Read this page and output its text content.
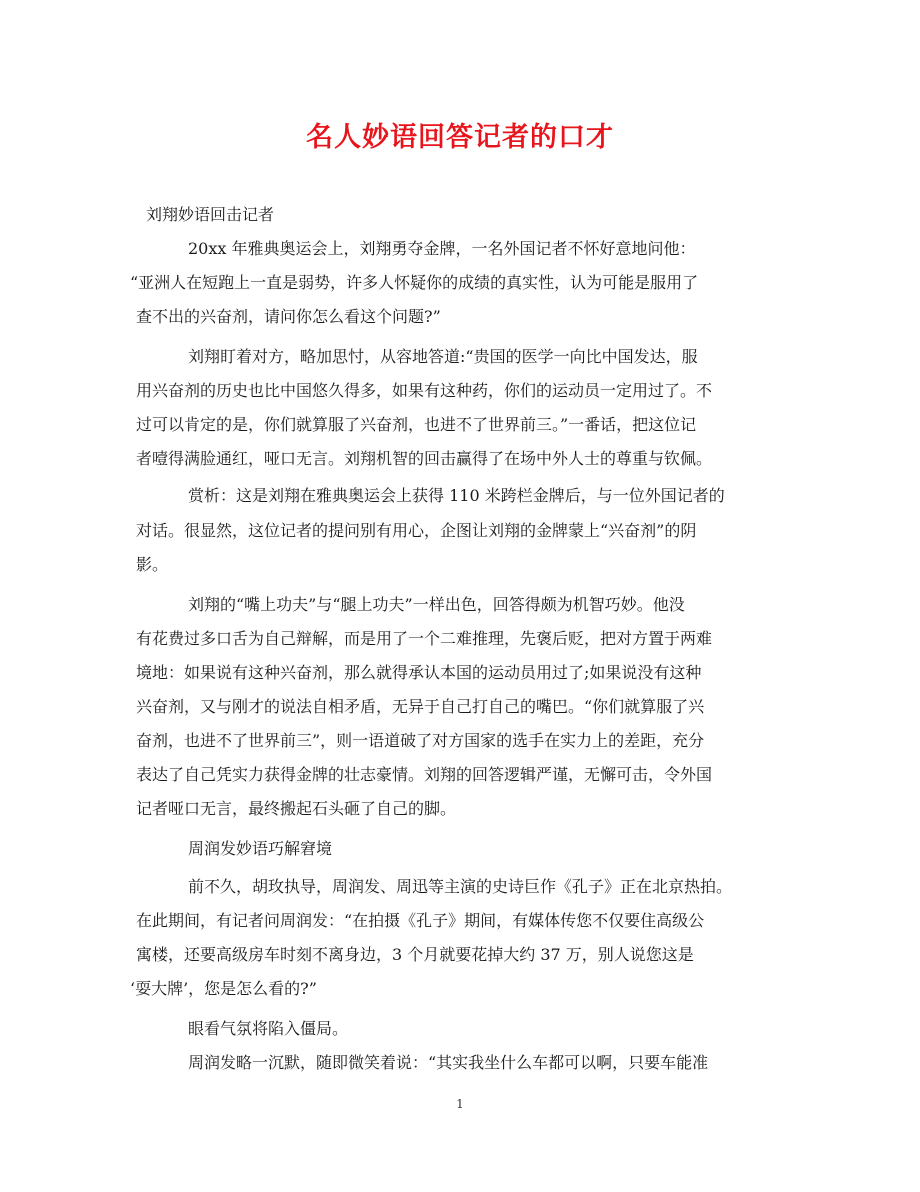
名人妙语回答记者的口才
刘翔妙语回击记者
20xx 年雅典奥运会上，刘翔勇夺金牌，一名外国记者不怀好意地问他：
“亚洲人在短跑上一直是弱势，许多人怀疑你的成绩的真实性，认为可能是服用了
查不出的兴奋剂，请问你怎么看这个问题?”
刘翔盯着对方，略加思忖，从容地答道:“贵国的医学一向比中国发达，服
用兴奋剂的历史也比中国悠久得多，如果有这种药，你们的运动员一定用过了。不
过可以肯定的是，你们就算服了兴奋剂，也进不了世界前三。”一番话，把这位记
者噎得满脸通红，哑口无言。刘翔机智的回击赢得了在场中外人士的尊重与钦佩。
赏析：这是刘翔在雅典奥运会上获得 110 米跨栏金牌后，与一位外国记者的
对话。很显然，这位记者的提问别有用心，企图让刘翔的金牌蒙上“兴奋剂”的阴
影。
刘翔的“嘴上功夫”与“腿上功夫”一样出色，回答得颇为机智巧妙。他没
有花费过多口舌为自己辩解，而是用了一个二难推理，先褒后贬，把对方置于两难
境地：如果说有这种兴奋剂，那么就得承认本国的运动员用过了;如果说没有这种
兴奋剂，又与刚才的说法自相矛盾，无异于自己打自己的嘴巴。“你们就算服了兴
奋剂，也进不了世界前三”，则一语道破了对方国家的选手在实力上的差距，充分
表达了自己凭实力获得金牌的壮志豪情。刘翔的回答逻辑严谨，无懈可击，令外国
记者哑口无言，最终搬起石头砸了自己的脚。
周润发妙语巧解窘境
前不久，胡玫执导，周润发、周迅等主演的史诗巨作《孔子》正在北京热拍。
在此期间，有记者问周润发：“在拍摄《孔子》期间，有媒体传您不仅要住高级公
寓楼，还要高级房车时刻不离身边，3 个月就要花掉大约 37 万，别人说您这是
‘耍大牌’，您是怎么看的?”
眼看气氛将陷入僵局。
周润发略一沉默，随即微笑着说：“其实我坐什么车都可以啊，只要车能准
1
